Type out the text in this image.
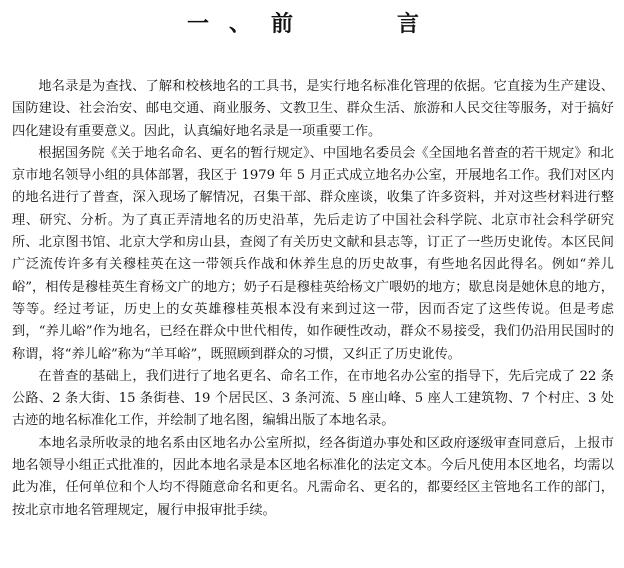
一、前　　言

地名录是为查找、了解和校核地名的工具书，是实行地名标准化管理的依据。它直接为生产建设、国防建设、社会治安、邮电交通、商业服务、文教卫生、群众生活、旅游和人民交往等服务，对于搞好四化建设有重要意义。因此，认真编好地名录是一项重要工作。

根据国务院《关于地名命名、更名的暂行规定》、中国地名委员会《全国地名普查的若干规定》和北京市地名领导小组的具体部署，我区于 1979 年 5 月正式成立地名办公室，开展地名工作。我们对区内的地名进行了普查，深入现场了解情况，召集干部、群众座谈，收集了许多资料，并对这些材料进行整理、研究、分析。为了真正弄清地名的历史沿革，先后走访了中国社会科学院、北京市社会科学研究所、北京图书馆、北京大学和房山县，查阅了有关历史文献和县志等，订正了一些历史讹传。本区民间广泛流传许多有关穆桂英在这一带领兵作战和休养生息的历史故事，有些地名因此得名。例如“养儿峪”，相传是穆桂英生育杨文广的地方；奶子石是穆桂英给杨文广喂奶的地方；歇息岗是她休息的地方，等等。经过考证，历史上的女英雄穆桂英根本没有来到过这一带，因而否定了这些传说。但是考虑到，“养儿峪”作为地名，已经在群众中世代相传，如作硬性改动，群众不易接受，我们仍沿用民国时的称谓，将“养儿峪”称为“羊耳峪”，既照顾到群众的习惯，又纠正了历史讹传。

在普查的基础上，我们进行了地名更名、命名工作，在市地名办公室的指导下，先后完成了 22 条公路、2 条大街、15 条街巷、19 个居民区、3 条河流、5 座山峰、5 座人工建筑物、7 个村庄、3 处古迹的地名标准化工作，并绘制了地名图，编辑出版了本地名录。

本地名录所收录的地名系由区地名办公室所拟，经各街道办事处和区政府逐级审查同意后，上报市地名领导小组正式批准的，因此本地名录是本区地名标准化的法定文本。今后凡使用本区地名，均需以此为准，任何单位和个人均不得随意命名和更名。凡需命名、更名的，都要经区主管地名工作的部门，按北京市地名管理规定，履行申报审批手续。
